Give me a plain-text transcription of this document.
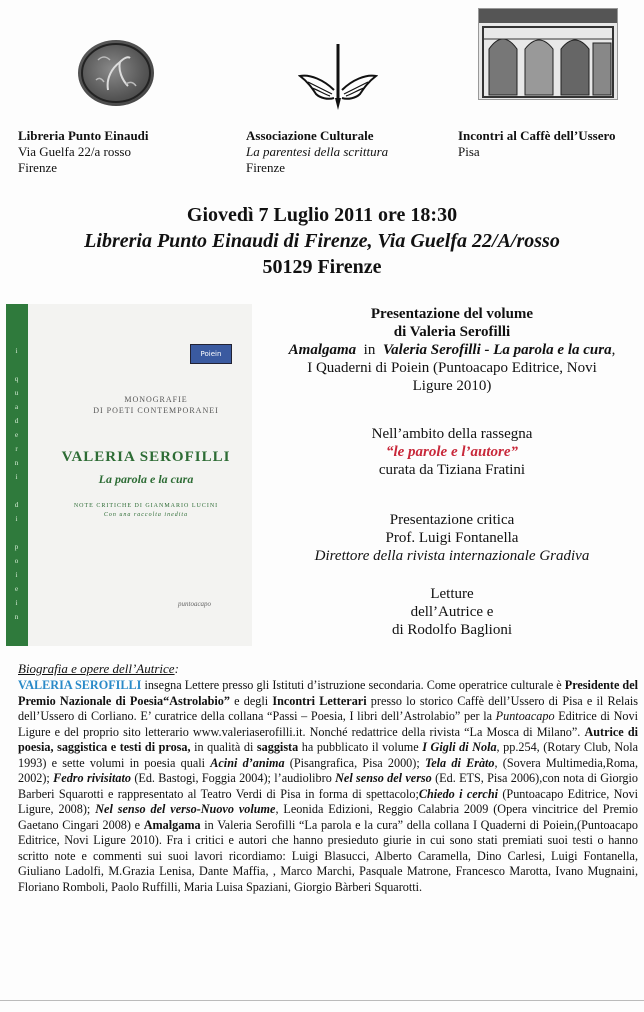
Libreria Punto Einaudi
Via Guelfa 22/a rosso
Firenze
Associazione Culturale
La parentesi della scrittura
Firenze
Incontri al Caffè dell’Ussero
Pisa
Giovedì 7 Luglio 2011 ore 18:30
Libreria Punto Einaudi di Firenze, Via Guelfa 22/A/rosso
50129 Firenze
i

q
u
a
d
e
r
n
i

d
i

p
o
i
e
i
n
Poiein
MONOGRAFIE
DI POETI CONTEMPORANEI
VALERIA SEROFILLI
La parola e la cura
NOTE CRITICHE DI GIANMARIO LUCINI
Con una raccolta inedita
puntoacapo
Presentazione del volume
di Valeria Serofilli
Amalgama  in  Valeria Serofilli - La parola e la cura,
I Quaderni di Poiein (Puntoacapo Editrice, Novi
Ligure 2010)
Nell’ambito della rassegna
“le parole e l’autore”
curata da Tiziana Fratini
Presentazione critica
Prof. Luigi Fontanella
Direttore della rivista internazionale Gradiva
Letture
dell’Autrice e
di Rodolfo Baglioni
Biografia e opere dell’Autrice:
VALERIA SEROFILLI insegna Lettere presso gli Istituti d’istruzione secondaria. Come operatrice culturale è Presidente del Premio Nazionale di Poesia“Astrolabio” e degli Incontri Letterari presso lo storico Caffè dell’Ussero di Pisa e il Relais dell’Ussero di Corliano. E’ curatrice della collana “Passi – Poesia, I libri dell’Astrolabio” per la Puntoacapo Editrice di Novi Ligure e del proprio sito letterario www.valeriaserofilli.it. Nonché redattrice della rivista “La Mosca di Milano”. Autrice di poesia, saggistica e testi di prosa, in qualità di saggista ha pubblicato il volume I Gigli di Nola, pp.254, (Rotary Club, Nola 1993) e sette volumi in poesia quali Acini d’anima (Pisangrafica, Pisa 2000); Tela di Eràto, (Sovera Multimedia,Roma, 2002); Fedro rivisitato (Ed. Bastogi, Foggia 2004); l’audiolibro Nel senso del verso (Ed. ETS, Pisa 2006),con nota di Giorgio Barberi Squarotti e rappresentato al Teatro Verdi di Pisa in forma di spettacolo;Chiedo i cerchi (Puntoacapo Editrice, Novi Ligure, 2008); Nel senso del verso-Nuovo volume, Leonida Edizioni, Reggio Calabria 2009 (Opera vincitrice del Premio Gaetano Cingari 2008) e Amalgama in Valeria Serofilli “La parola e la cura” della collana I Quaderni di Poiein,(Puntoacapo Editrice, Novi Ligure 2010). Fra i critici e autori che hanno presieduto giurie in cui sono stati premiati suoi testi o hanno scritto note e commenti sui suoi lavori ricordiamo: Luigi Blasucci, Alberto Caramella, Dino Carlesi, Luigi Fontanella, Giuliano Ladolfi, M.Grazia Lenisa, Dante Maffia, , Marco Marchi, Pasquale Matrone, Francesco Marotta, Ivano Mugnaini, Floriano Romboli, Paolo Ruffilli, Maria Luisa Spaziani, Giorgio Bàrberi Squarotti.
